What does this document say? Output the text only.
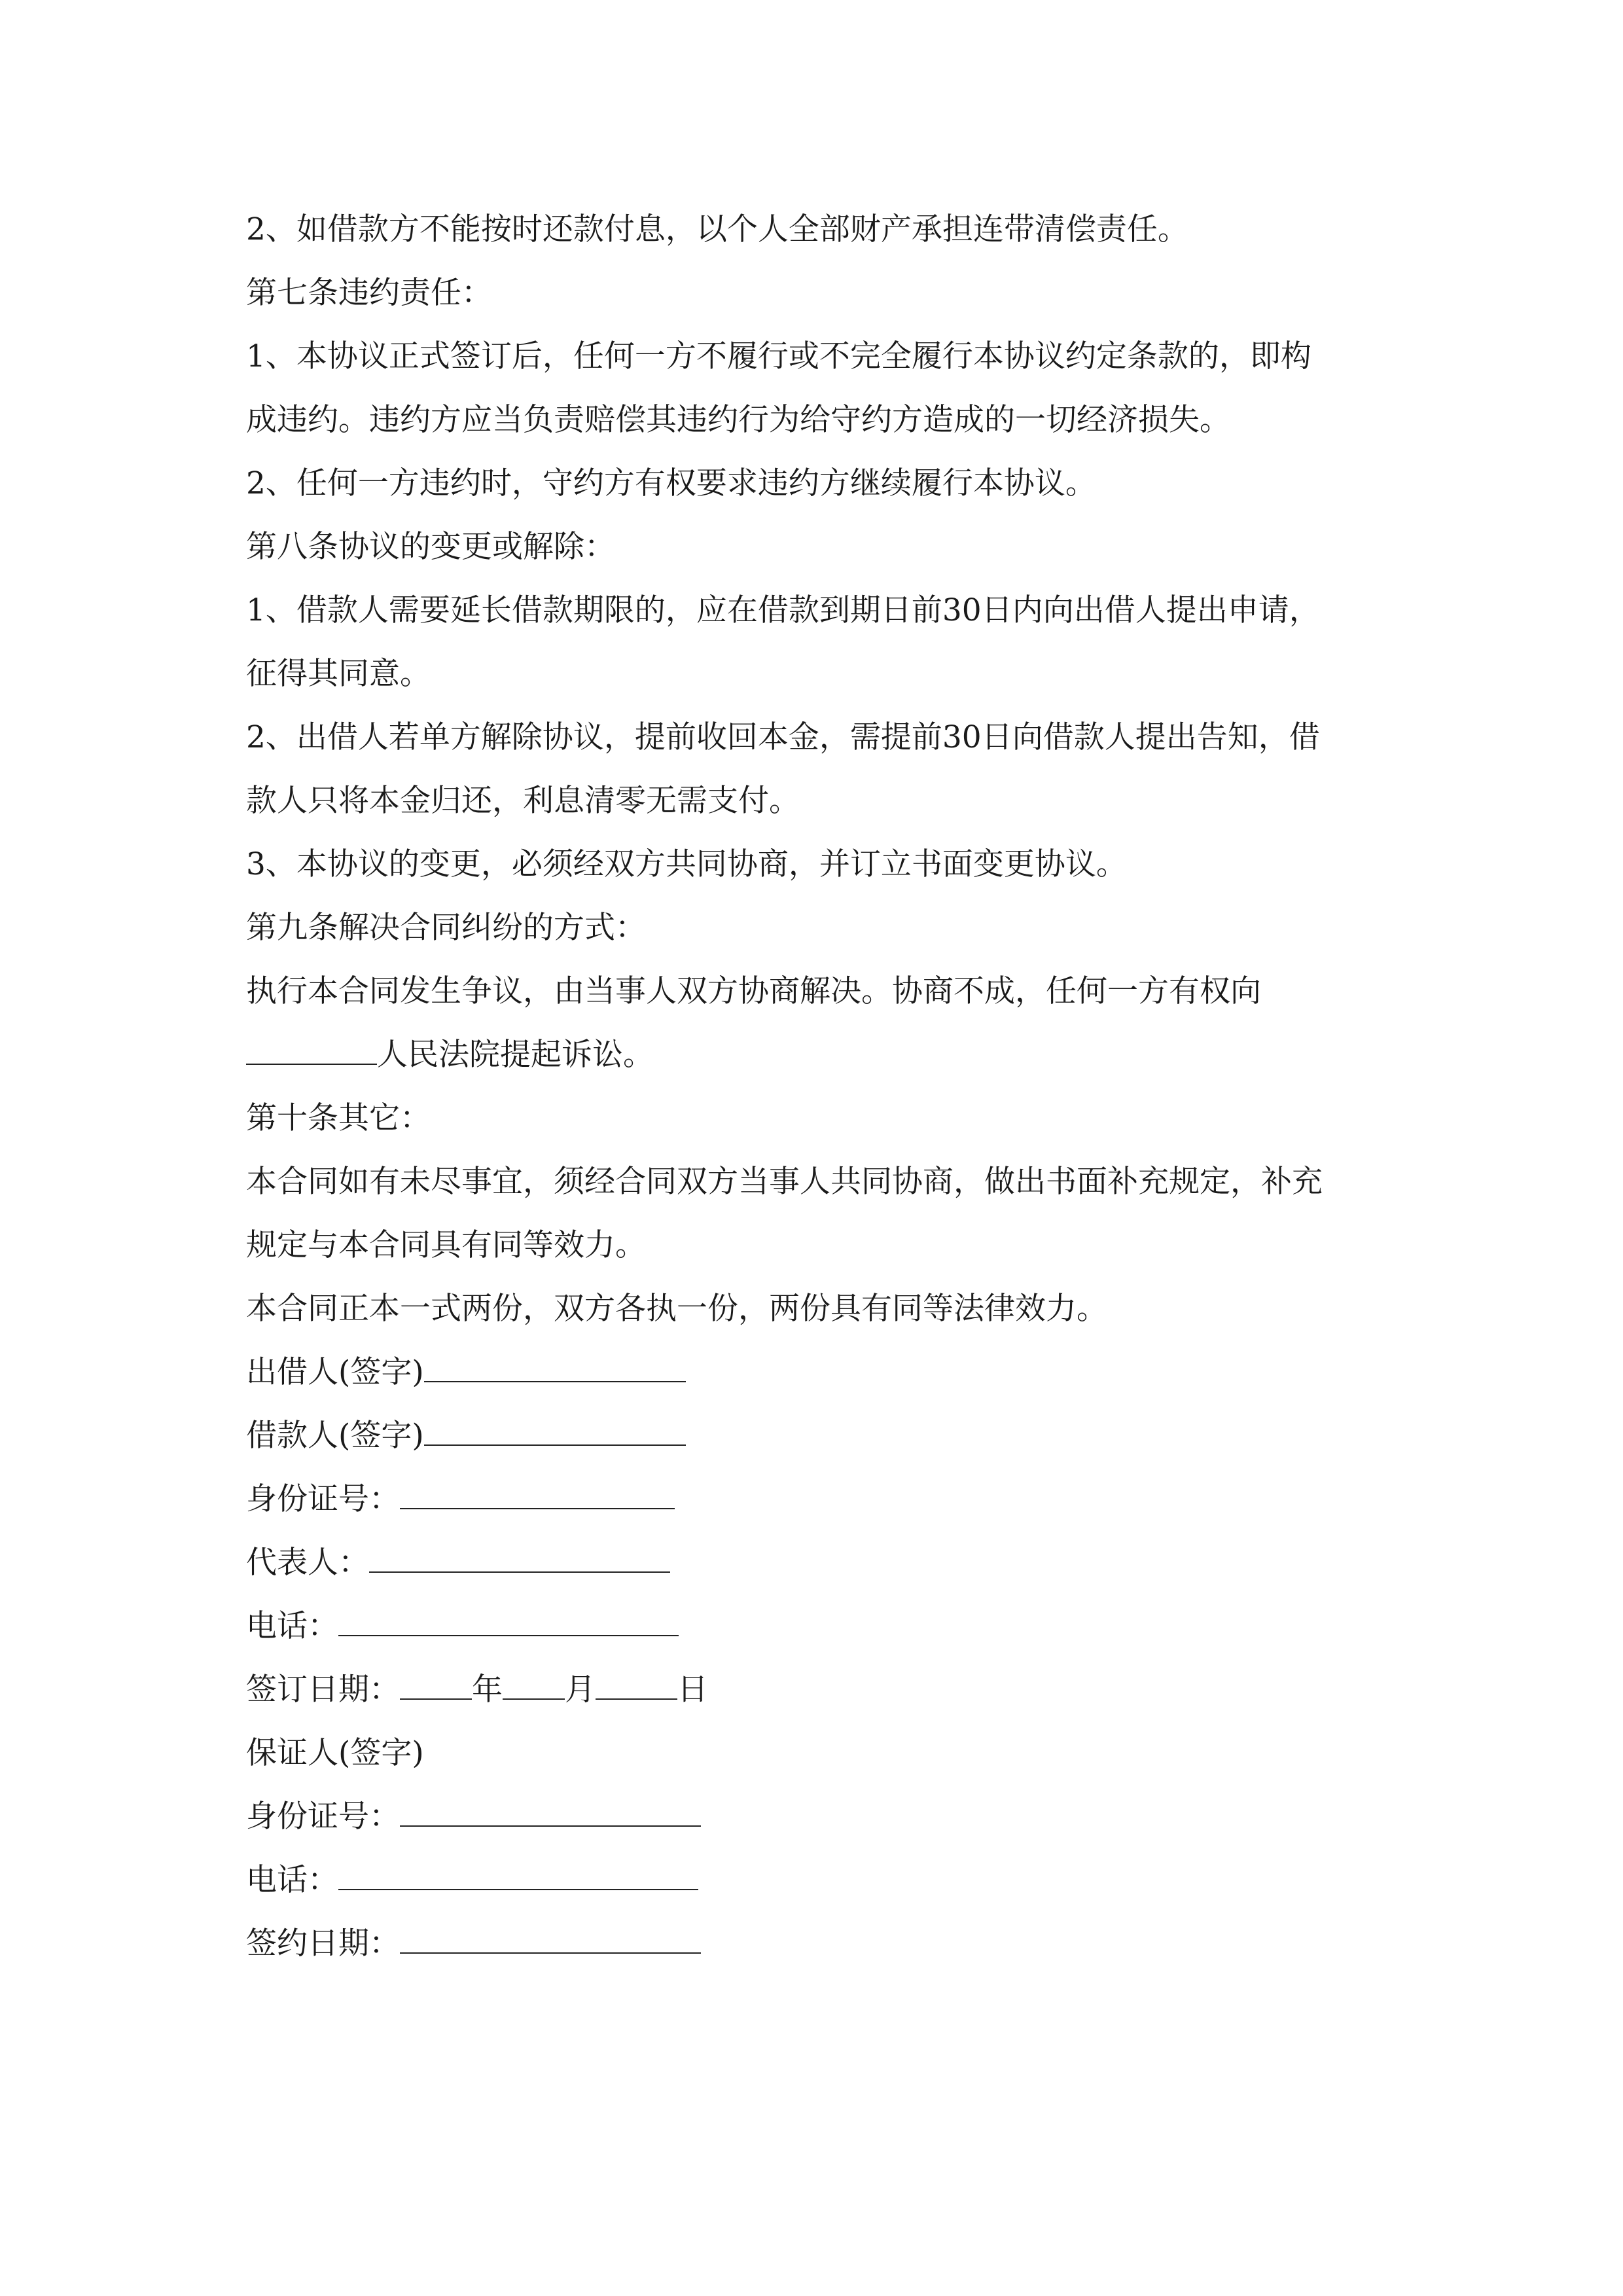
2、如借款方不能按时还款付息，以个人全部财产承担连带清偿责任。

第七条违约责任：

1、本协议正式签订后，任何一方不履行或不完全履行本协议约定条款的，即构

成违约。违约方应当负责赔偿其违约行为给守约方造成的一切经济损失。

2、任何一方违约时，守约方有权要求违约方继续履行本协议。

第八条协议的变更或解除：

1、借款人需要延长借款期限的，应在借款到期日前30日内向出借人提出申请，

征得其同意。

2、出借人若单方解除协议，提前收回本金，需提前30日向借款人提出告知，借

款人只将本金归还，利息清零无需支付。

3、本协议的变更，必须经双方共同协商，并订立书面变更协议。

第九条解决合同纠纷的方式：

执行本合同发生争议，由当事人双方协商解决。协商不成，任何一方有权向

人民法院提起诉讼。

第十条其它：

本合同如有未尽事宜，须经合同双方当事人共同协商，做出书面补充规定，补充

规定与本合同具有同等效力。

本合同正本一式两份，双方各执一份，两份具有同等法律效力。

出借人(签字)

借款人(签字)

身份证号：

代表人：

电话：

签订日期： 年 月	日

保证人(签字)

身份证号：

电话：

签约日期：
